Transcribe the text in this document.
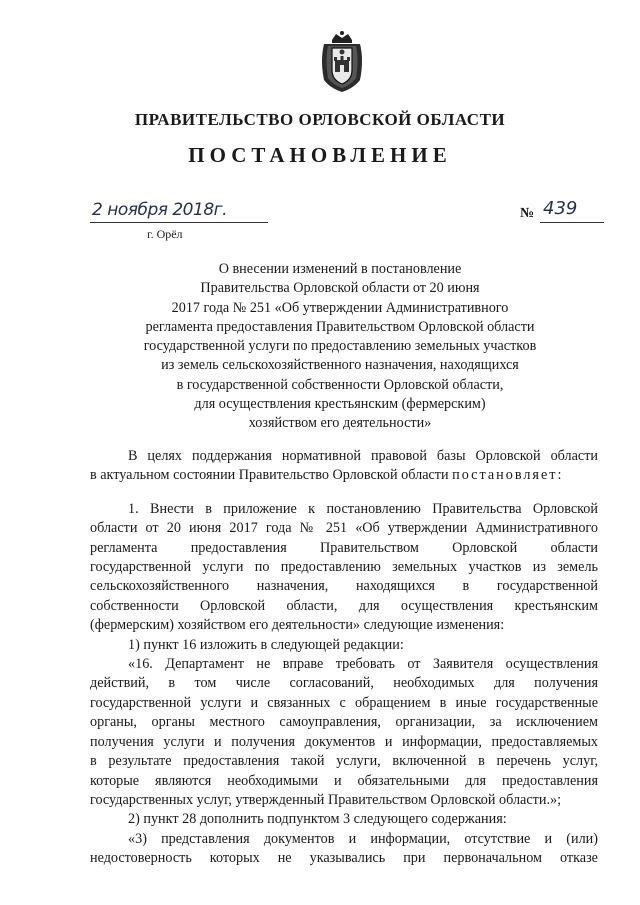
ПРАВИТЕЛЬСТВО ОРЛОВСКОЙ ОБЛАСТИ
ПОСТАНОВЛЕНИЕ
2 ноября 2018г.
г. Орёл
№ 439
О внесении изменений в постановление
Правительства Орловской области от 20 июня
2017 года № 251 «Об утверждении Административного
регламента предоставления Правительством Орловской области
государственной услуги по предоставлению земельных участков
из земель сельскохозяйственного назначения, находящихся
в государственной собственности Орловской области,
для осуществления крестьянским (фермерским)
хозяйством его деятельности»
В целях поддержания нормативной правовой базы Орловской области
в актуальном состоянии Правительство Орловской области постановляет:
1. Внести в приложение к постановлению Правительства Орловской
области от 20 июня 2017 года № 251 «Об утверждении Административного
регламента предоставления Правительством Орловской области
государственной услуги по предоставлению земельных участков из земель
сельскохозяйственного назначения, находящихся в государственной
собственности Орловской области, для осуществления крестьянским
(фермерским) хозяйством его деятельности» следующие изменения:
1) пункт 16 изложить в следующей редакции:
«16. Департамент не вправе требовать от Заявителя осуществления
действий, в том числе согласований, необходимых для получения
государственной услуги и связанных с обращением в иные государственные
органы, органы местного самоуправления, организации, за исключением
получения услуги и получения документов и информации, предоставляемых
в результате предоставления такой услуги, включенной в перечень услуг,
которые являются необходимыми и обязательными для предоставления
государственных услуг, утвержденный Правительством Орловской области.»;
2) пункт 28 дополнить подпунктом 3 следующего содержания:
«3) представления документов и информации, отсутствие и (или)
недостоверность которых не указывались при первоначальном отказе
